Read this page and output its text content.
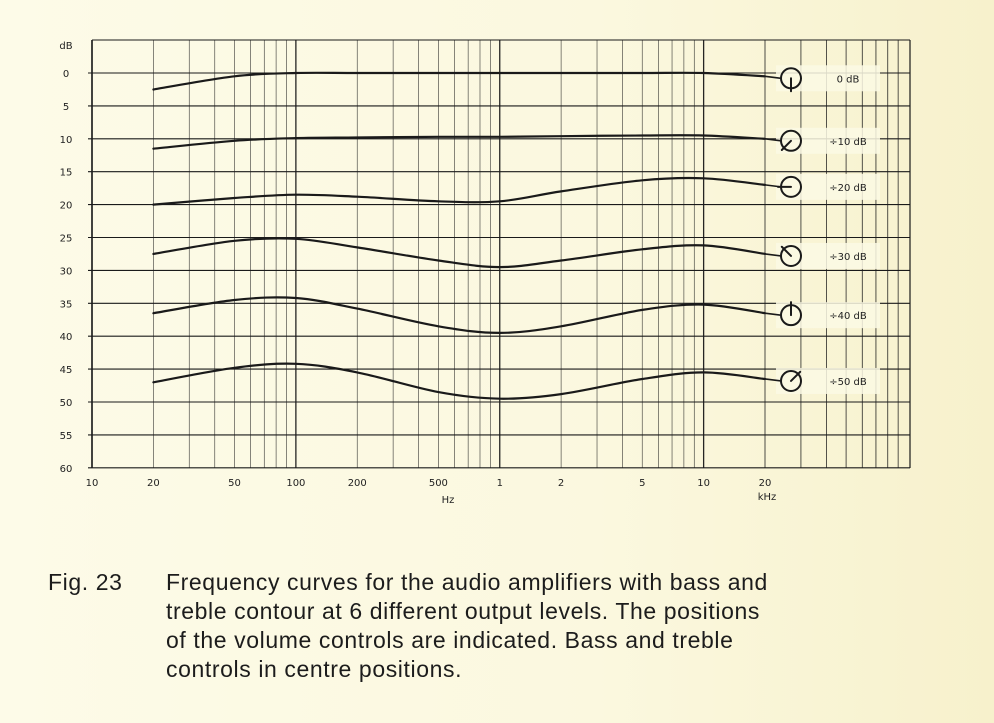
0
5
10
15
20
25
30
35
40
45
50
55
60
dB
10	20	50	100	200	500	1	2	5	10	20
Hz	kHz
0 dB
÷10 dB
÷20 dB
÷30 dB
÷40 dB
÷50 dB
Fig. 23 Frequency curves for the audio amplifiers with bass and
treble contour at 6 different output levels. The positions
of the volume controls are indicated. Bass and treble
controls in centre positions.
